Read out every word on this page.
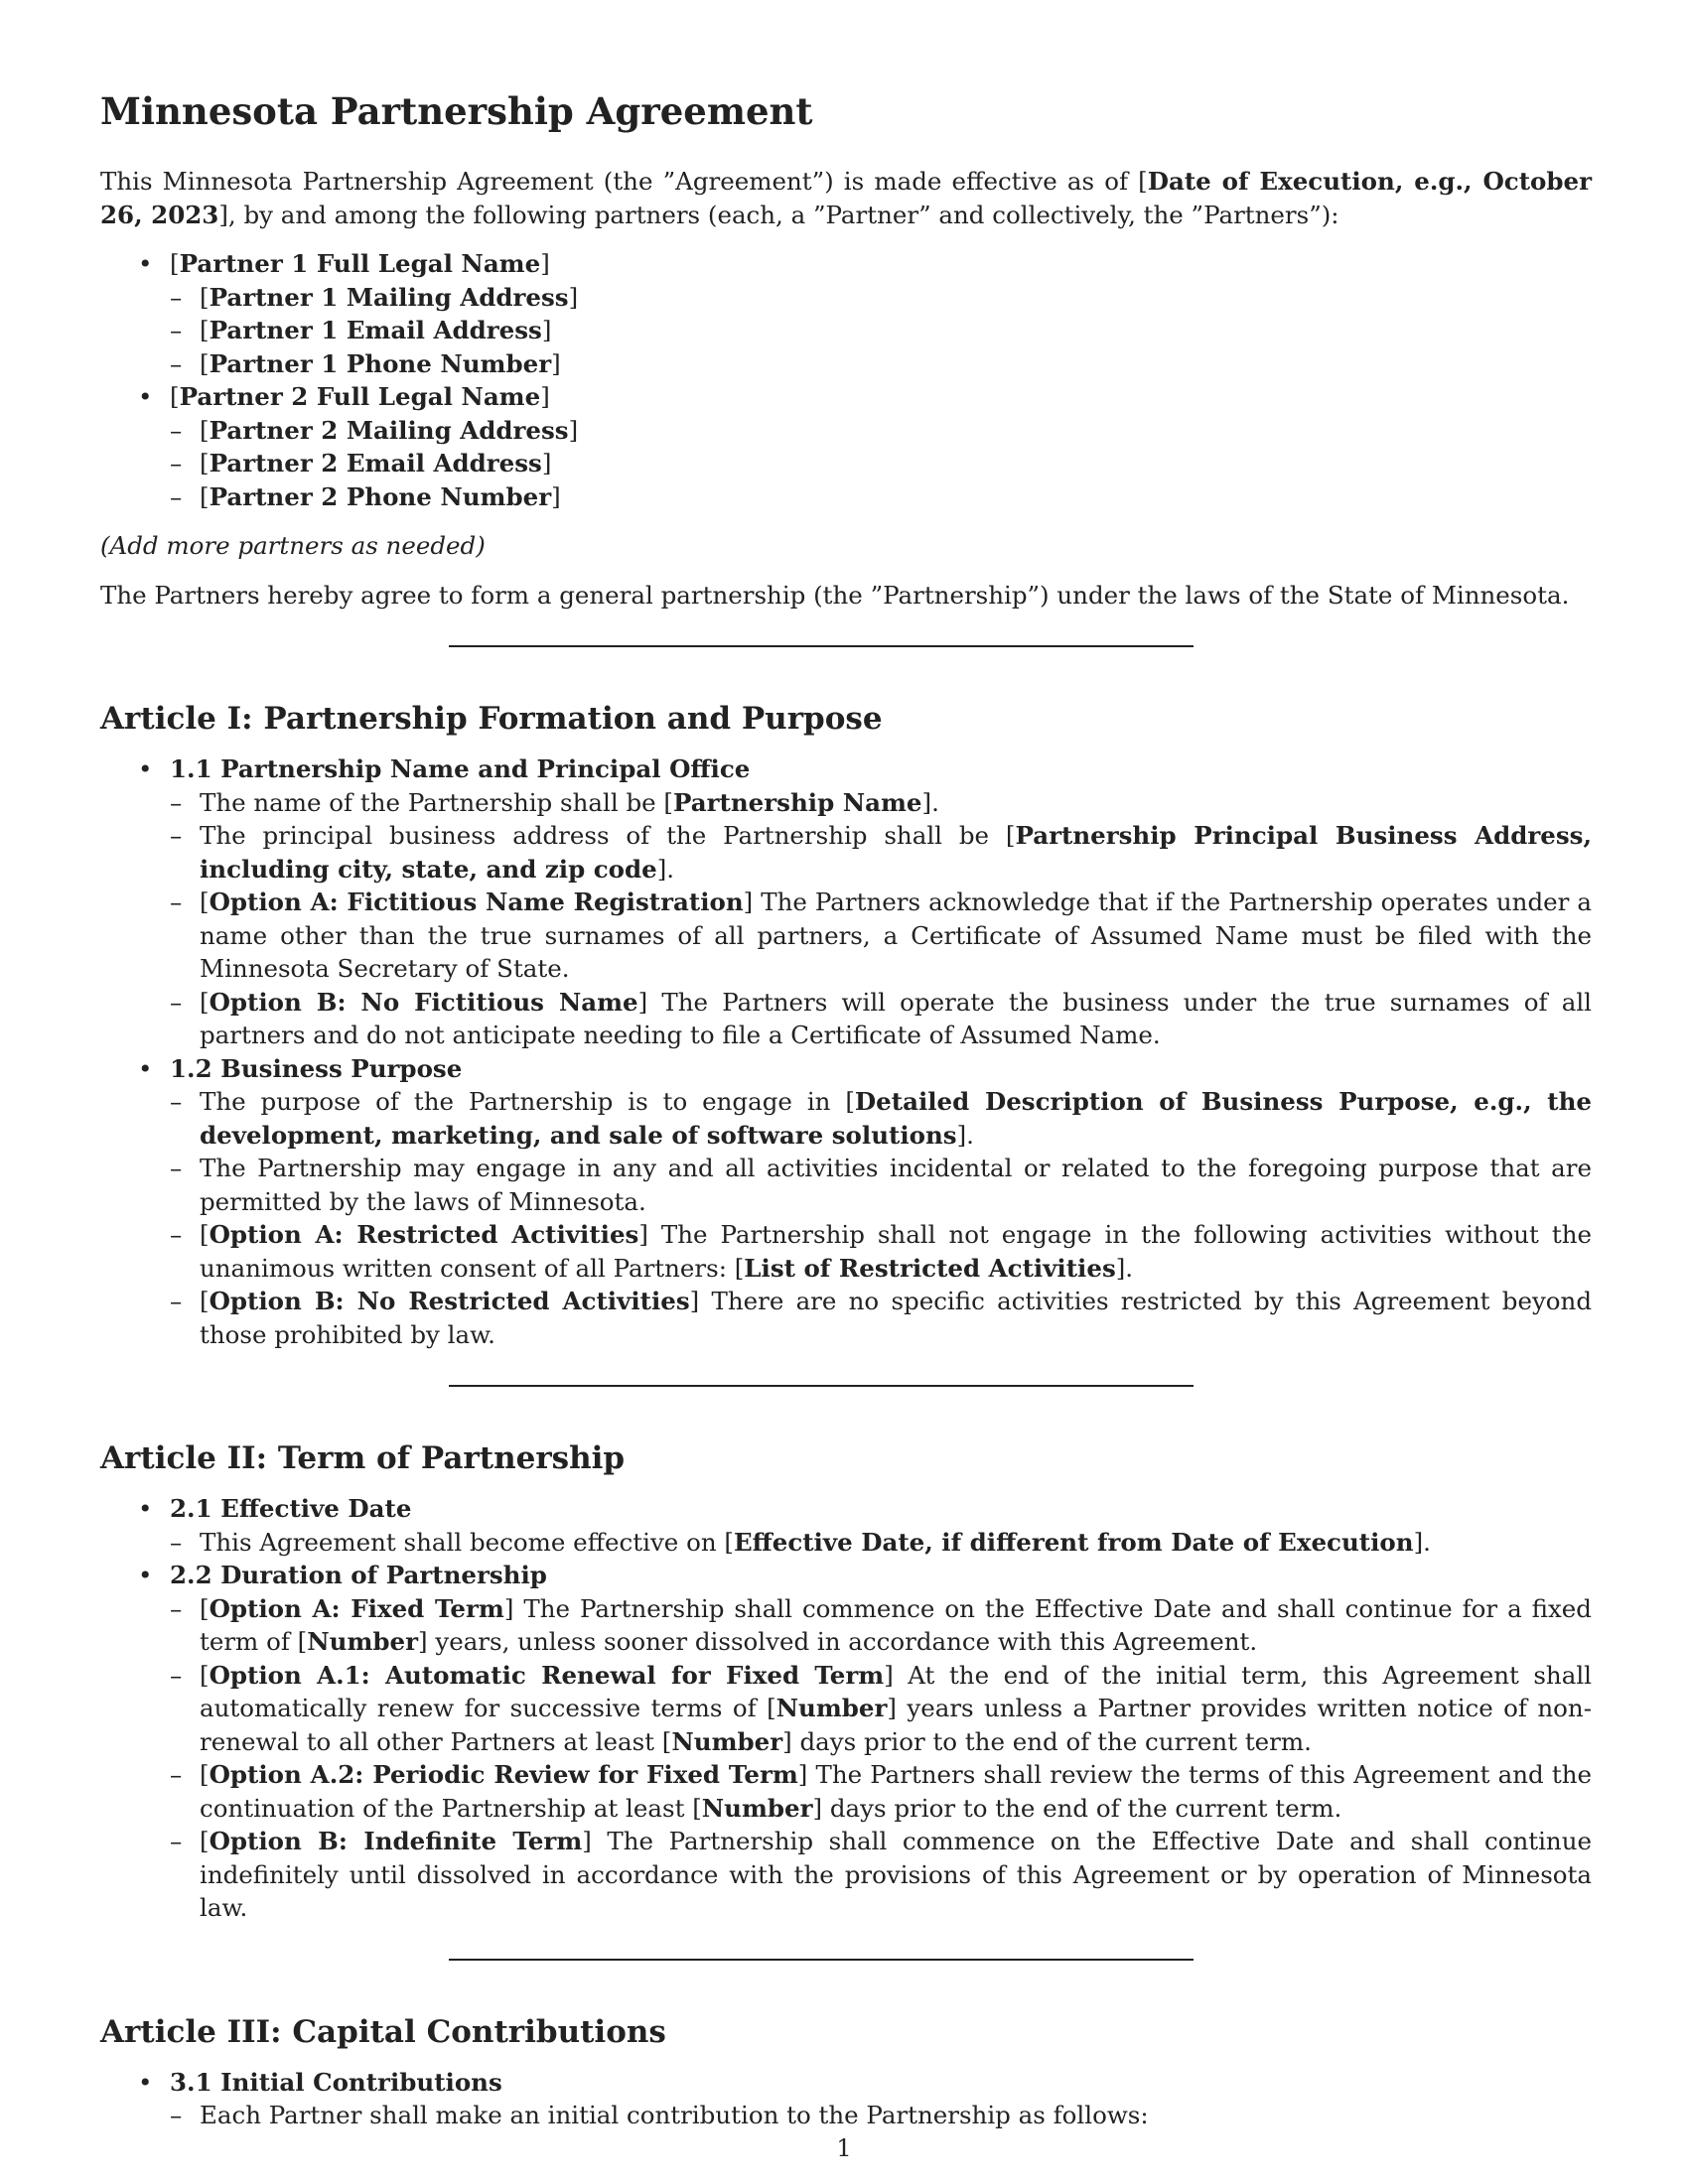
Minnesota Partnership Agreement

This Minnesota Partnership Agreement (the ”Agreement”) is made effective as of [Date of Execution, e.g., October 26, 2023], by and among the following partners (each, a ”Partner” and collectively, the ”Partners”):

• [Partner 1 Full Legal Name]
– [Partner 1 Mailing Address]
– [Partner 1 Email Address]
– [Partner 1 Phone Number]
• [Partner 2 Full Legal Name]
– [Partner 2 Mailing Address]
– [Partner 2 Email Address]
– [Partner 2 Phone Number]

(Add more partners as needed)

The Partners hereby agree to form a general partnership (the ”Partnership”) under the laws of the State of Minnesota.

Article I: Partnership Formation and Purpose
• 1.1 Partnership Name and Principal Office
– The name of the Partnership shall be [Partnership Name].
– The principal business address of the Partnership shall be [Partnership Principal Business Address, including city, state, and zip code].
– [Option A: Fictitious Name Registration] The Partners acknowledge that if the Partnership operates under a name other than the true surnames of all partners, a Certificate of Assumed Name must be filed with the Minnesota Secretary of State.
– [Option B: No Fictitious Name] The Partners will operate the business under the true surnames of all partners and do not anticipate needing to file a Certificate of Assumed Name.
• 1.2 Business Purpose
– The purpose of the Partnership is to engage in [Detailed Description of Business Purpose, e.g., the development, marketing, and sale of software solutions].
– The Partnership may engage in any and all activities incidental or related to the foregoing purpose that are permitted by the laws of Minnesota.
– [Option A: Restricted Activities] The Partnership shall not engage in the following activities without the unanimous written consent of all Partners: [List of Restricted Activities].
– [Option B: No Restricted Activities] There are no specific activities restricted by this Agreement beyond those prohibited by law.
Article II: Term of Partnership
• 2.1 Effective Date
– This Agreement shall become effective on [Effective Date, if different from Date of Execution].
• 2.2 Duration of Partnership
– [Option A: Fixed Term] The Partnership shall commence on the Effective Date and shall continue for a fixed term of [Number] years, unless sooner dissolved in accordance with this Agreement.
– [Option A.1: Automatic Renewal for Fixed Term] At the end of the initial term, this Agreement shall automatically renew for successive terms of [Number] years unless a Partner provides written notice of non-renewal to all other Partners at least [Number] days prior to the end of the current term.
– [Option A.2: Periodic Review for Fixed Term] The Partners shall review the terms of this Agreement and the continuation of the Partnership at least [Number] days prior to the end of the current term.
– [Option B: Indefinite Term] The Partnership shall commence on the Effective Date and shall continue indefinitely until dissolved in accordance with the provisions of this Agreement or by operation of Minnesota law.
Article III: Capital Contributions
• 3.1 Initial Contributions
– Each Partner shall make an initial contribution to the Partnership as follows:
1
